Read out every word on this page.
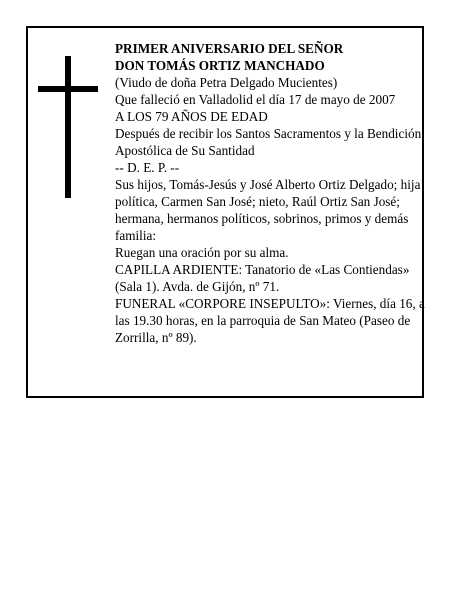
PRIMER ANIVERSARIO DEL SEÑOR
DON TOMÁS ORTIZ MANCHADO
(Viudo de doña Petra Delgado Mucientes)
Que falleció en Valladolid el día 17 de mayo de 2007
A LOS 79 AÑOS DE EDAD
Después de recibir los Santos Sacramentos y la Bendición Apostólica de Su Santidad
-- D. E. P. --
Sus hijos, Tomás-Jesús y José Alberto Ortiz Delgado; hija política, Carmen San José; nieto, Raúl Ortiz San José; hermana, hermanos políticos, sobrinos, primos y demás familia:
Ruegan una oración por su alma.
CAPILLA ARDIENTE: Tanatorio de «Las Contiendas» (Sala 1). Avda. de Gijón, nº 71.
FUNERAL «CORPORE INSEPULTO»: Viernes, día 16, a las 19.30 horas, en la parroquia de San Mateo (Paseo de Zorrilla, nº 89).
